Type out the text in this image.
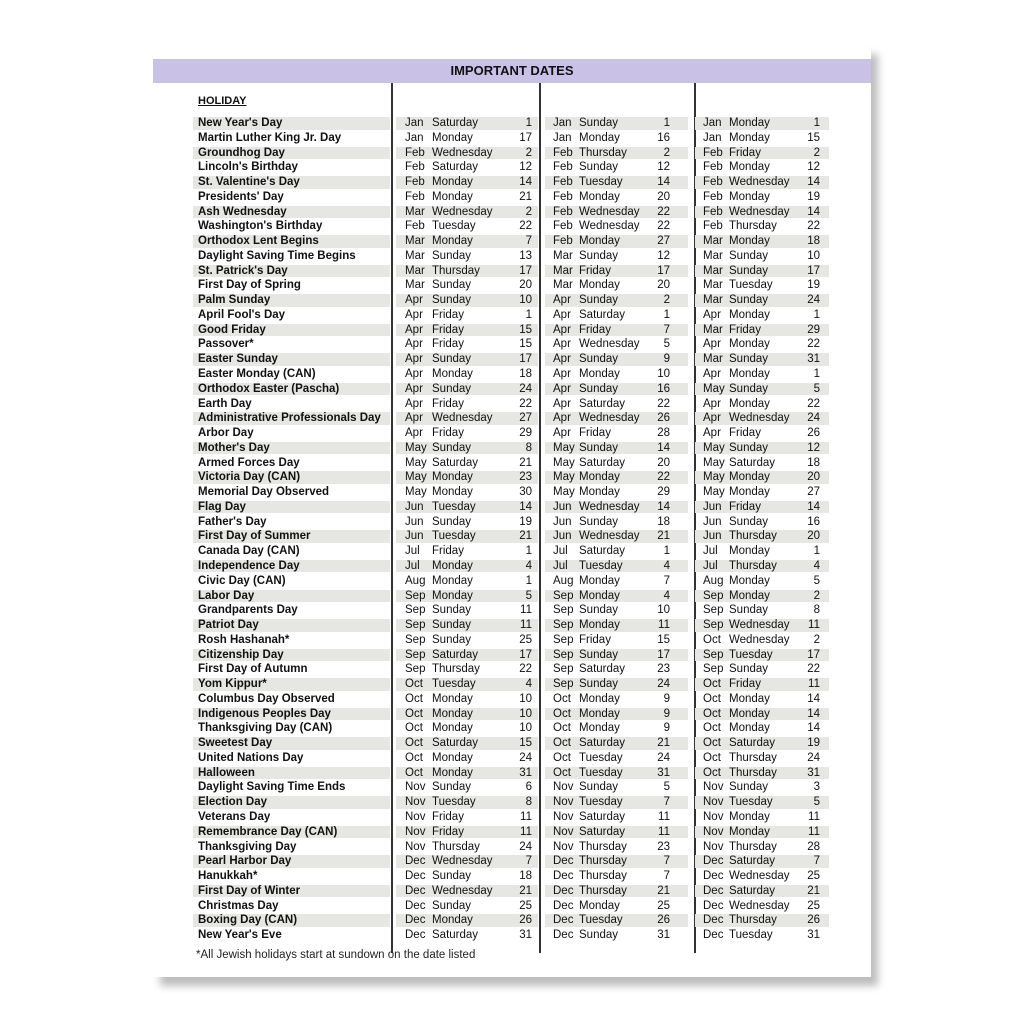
IMPORTANT DATES
HOLIDAY
New Year's Day	Jan Saturday	1 Jan Sunday	1	Jan Monday	1
Martin Luther King Jr. Day	Jan Monday	17 Jan Monday	16	Jan Monday	15
Groundhog Day	Feb Wednesday	2 Feb Thursday	2	Feb Friday	2
Lincoln's Birthday	Feb Saturday	12 Feb Sunday	12	Feb Monday	12
St. Valentine's Day	Feb Monday	14 Feb Tuesday	14	Feb Wednesday	14
Presidents' Day	Feb Monday	21 Feb Monday	20	Feb Monday	19
Ash Wednesday	Mar Wednesday	2 Feb Wednesday	22	Feb Wednesday	14
Washington's Birthday	Feb Tuesday	22 Feb Wednesday	22	Feb Thursday	22
Orthodox Lent Begins	Mar Monday	7 Feb Monday	27	Mar Monday	18
Daylight Saving Time Begins	Mar Sunday	13 Mar Sunday	12	Mar Sunday	10
St. Patrick's Day	Mar Thursday	17 Mar Friday	17	Mar Sunday	17
First Day of Spring	Mar Sunday	20 Mar Monday	20	Mar Tuesday	19
Palm Sunday	Apr Sunday	10 Apr Sunday	2	Mar Sunday	24
April Fool's Day	Apr Friday	1 Apr Saturday	1	Apr Monday	1
Good Friday	Apr Friday	15 Apr Friday	7	Mar Friday	29
Passover*	Apr Friday	15 Apr Wednesday	5	Apr Monday	22
Easter Sunday	Apr Sunday	17 Apr Sunday	9	Mar Sunday	31
Easter Monday (CAN)	Apr Monday	18 Apr Monday	10	Apr Monday	1
Orthodox Easter (Pascha)	Apr Sunday	24 Apr Sunday	16	May Sunday	5
Earth Day	Apr Friday	22 Apr Saturday	22	Apr Monday	22
Administrative Professionals Day Apr Wednesday	27 Apr Wednesday	26	Apr Wednesday	24
Arbor Day	Apr Friday	29 Apr Friday	28	Apr Friday	26
Mother's Day	May Sunday	8 May Sunday	14	May Sunday	12
Armed Forces Day	May Saturday	21 May Saturday	20	May Saturday	18
Victoria Day (CAN)	May Monday	23 May Monday	22	May Monday	20
Memorial Day Observed	May Monday	30 May Monday	29	May Monday	27
Flag Day	Jun Tuesday	14 Jun Wednesday	14	Jun Friday	14
Father's Day	Jun Sunday	19 Jun Sunday	18	Jun Sunday	16
First Day of Summer	Jun Tuesday	21 Jun Wednesday	21	Jun Thursday	20
Canada Day (CAN)	Jul Friday	1 Jul Saturday	1	Jul Monday	1
Independence Day	Jul Monday	4 Jul Tuesday	4	Jul Thursday	4
Civic Day (CAN)	Aug Monday	1 Aug Monday	7	Aug Monday	5
Labor Day	Sep Monday	5 Sep Monday	4	Sep Monday	2
Grandparents Day	Sep Sunday	11 Sep Sunday	10	Sep Sunday	8
Patriot Day	Sep Sunday	11 Sep Monday	11	Sep Wednesday	11
Rosh Hashanah*	Sep Sunday	25 Sep Friday	15	Oct Wednesday	2
Citizenship Day	Sep Saturday	17 Sep Sunday	17	Sep Tuesday	17
First Day of Autumn	Sep Thursday	22 Sep Saturday	23	Sep Sunday	22
Yom Kippur*	Oct Tuesday	4 Sep Sunday	24	Oct Friday	11
Columbus Day Observed	Oct Monday	10 Oct Monday	9	Oct Monday	14
Indigenous Peoples Day	Oct Monday	10 Oct Monday	9	Oct Monday	14
Thanksgiving Day (CAN)	Oct Monday	10 Oct Monday	9	Oct Monday	14
Sweetest Day	Oct Saturday	15 Oct Saturday	21	Oct Saturday	19
United Nations Day	Oct Monday	24 Oct Tuesday	24	Oct Thursday	24
Halloween	Oct Monday	31 Oct Tuesday	31	Oct Thursday	31
Daylight Saving Time Ends	Nov Sunday	6 Nov Sunday	5	Nov Sunday	3
Election Day	Nov Tuesday	8 Nov Tuesday	7	Nov Tuesday	5
Veterans Day	Nov Friday	11 Nov Saturday	11	Nov Monday	11
Remembrance Day (CAN)	Nov Friday	11 Nov Saturday	11	Nov Monday	11
Thanksgiving Day	Nov Thursday	24 Nov Thursday	23	Nov Thursday	28
Pearl Harbor Day	Dec Wednesday	7 Dec Thursday	7	Dec Saturday	7
Hanukkah*	Dec Sunday	18 Dec Thursday	7	Dec Wednesday	25
First Day of Winter	Dec Wednesday	21 Dec Thursday	21	Dec Saturday	21
Christmas Day	Dec Sunday	25 Dec Monday	25	Dec Wednesday	25
Boxing Day (CAN)	Dec Monday	26 Dec Tuesday	26	Dec Thursday	26
New Year's Eve	Dec Saturday	31 Dec Sunday	31	Dec Tuesday	31
*All Jewish holidays start at sundown on the date listed
